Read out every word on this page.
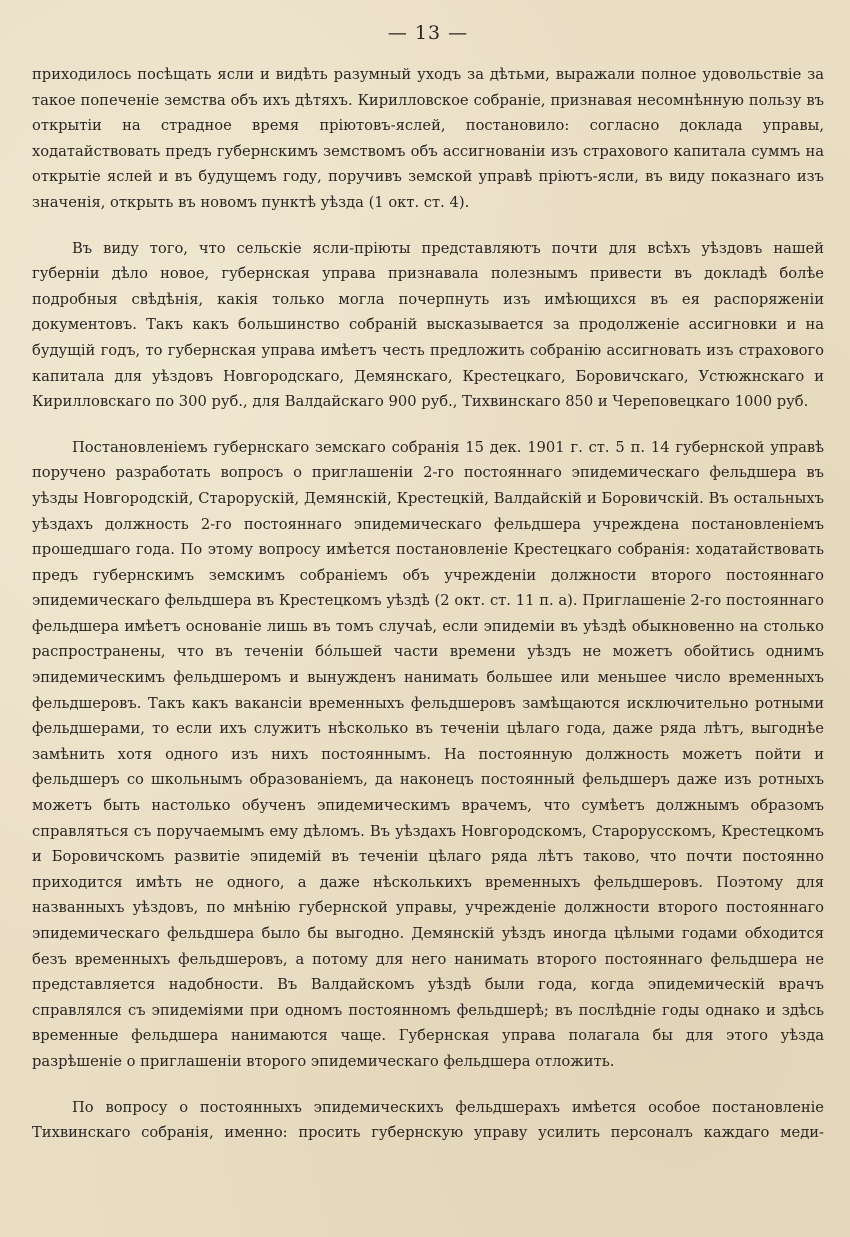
— 13 —

приходилось посѣщать ясли и видѣть разумный уходъ за дѣтьми, выражали полное удовольствіе за такое попеченіе земства объ ихъ дѣтяхъ. Кирилловское собраніе, признавая несомнѣнную пользу въ открытіи на страдное время пріютовъ-яслей, постановило: согласно доклада управы, ходатайствовать предъ губернскимъ земствомъ объ ассигнованіи изъ страхового капитала суммъ на открытіе яслей и въ будущемъ году, поручивъ земской управѣ пріютъ-ясли, въ виду показнаго изъ значенія, открыть въ новомъ пунктѣ уѣзда (1 окт. ст. 4).

Въ виду того, что сельскіе ясли-пріюты представляютъ почти для всѣхъ уѣздовъ нашей губерніи дѣло новое, губернская управа признавала полезнымъ привести въ докладѣ болѣе подробныя свѣдѣнія, какія только могла почерпнуть изъ имѣющихся въ ея распоряженіи документовъ. Такъ какъ большинство собраній высказывается за продолженіе ассигновки и на будущій годъ, то губернская управа имѣетъ честь предложить собранію ассигновать изъ страхового капитала для уѣздовъ Новгородскаго, Демянскаго, Крестецкаго, Боровичскаго, Устюжнскаго и Кирилловскаго по 300 руб., для Валдайскаго 900 руб., Тихвинскаго 850 и Череповецкаго 1000 руб.

Постановленіемъ губернскаго земскаго собранія 15 дек. 1901 г. ст. 5 п. 14 губернской управѣ поручено разработать вопросъ о приглашеніи 2-го постояннаго эпидемическаго фельдшера въ уѣзды Новгородскій, Старорускій, Демянскій, Крестецкій, Валдайскій и Боровичскій. Въ остальныхъ уѣздахъ должность 2-го постояннаго эпидемическаго фельдшера учреждена постановленіемъ прошедшаго года. По этому вопросу имѣется постановленіе Крестецкаго собранія: ходатайствовать предъ губернскимъ земскимъ собраніемъ объ учрежденіи должности второго постояннаго эпидемическаго фельдшера въ Крестецкомъ уѣздѣ (2 окт. ст. 11 п. а). Приглашеніе 2-го постояннаго фельдшера имѣетъ основаніе лишь въ томъ случаѣ, если эпидеміи въ уѣздѣ обыкновенно на столько распространены, что въ теченіи бо́льшей части времени уѣздъ не можетъ обойтись однимъ эпидемическимъ фельдшеромъ и вынужденъ нанимать большее или меньшее число временныхъ фельдшеровъ. Такъ какъ вакансіи временныхъ фельдшеровъ замѣщаются исключительно ротными фельдшерами, то если ихъ служитъ нѣсколько въ теченіи цѣлаго года, даже ряда лѣтъ, выгоднѣе замѣнить хотя одного изъ нихъ постояннымъ. На постоянную должность можетъ пойти и фельдшеръ со школьнымъ образованіемъ, да наконецъ постоянный фельдшеръ даже изъ ротныхъ можетъ быть настолько обученъ эпидемическимъ врачемъ, что сумѣетъ должнымъ образомъ справляться съ поручаемымъ ему дѣломъ. Въ уѣздахъ Новгородскомъ, Старорусскомъ, Крестецкомъ и Боровичскомъ развитіе эпидемій въ теченіи цѣлаго ряда лѣтъ таково, что почти постоянно приходится имѣть не одного, а даже нѣсколькихъ временныхъ фельдшеровъ. Поэтому для названныхъ уѣздовъ, по мнѣнію губернской управы, учрежденіе должности второго постояннаго эпидемическаго фельдшера было бы выгодно. Демянскій уѣздъ иногда цѣлыми годами обходится безъ временныхъ фельдшеровъ, а потому для него нанимать второго постояннаго фельдшера не представляется надобности. Въ Валдайскомъ уѣздѣ были года, когда эпидемическій врачъ справлялся съ эпидеміями при одномъ постоянномъ фельдшерѣ; въ послѣдніе годы однако и здѣсь временные фельдшера нанимаются чаще. Губернская управа полагала бы для этого уѣзда разрѣшеніе о приглашеніи второго эпидемическаго фельдшера отложить.

По вопросу о постоянныхъ эпидемическихъ фельдшерахъ имѣется особое постановленіе Тихвинскаго собранія, именно: просить губернскую управу усилить персоналъ каждаго меди-
